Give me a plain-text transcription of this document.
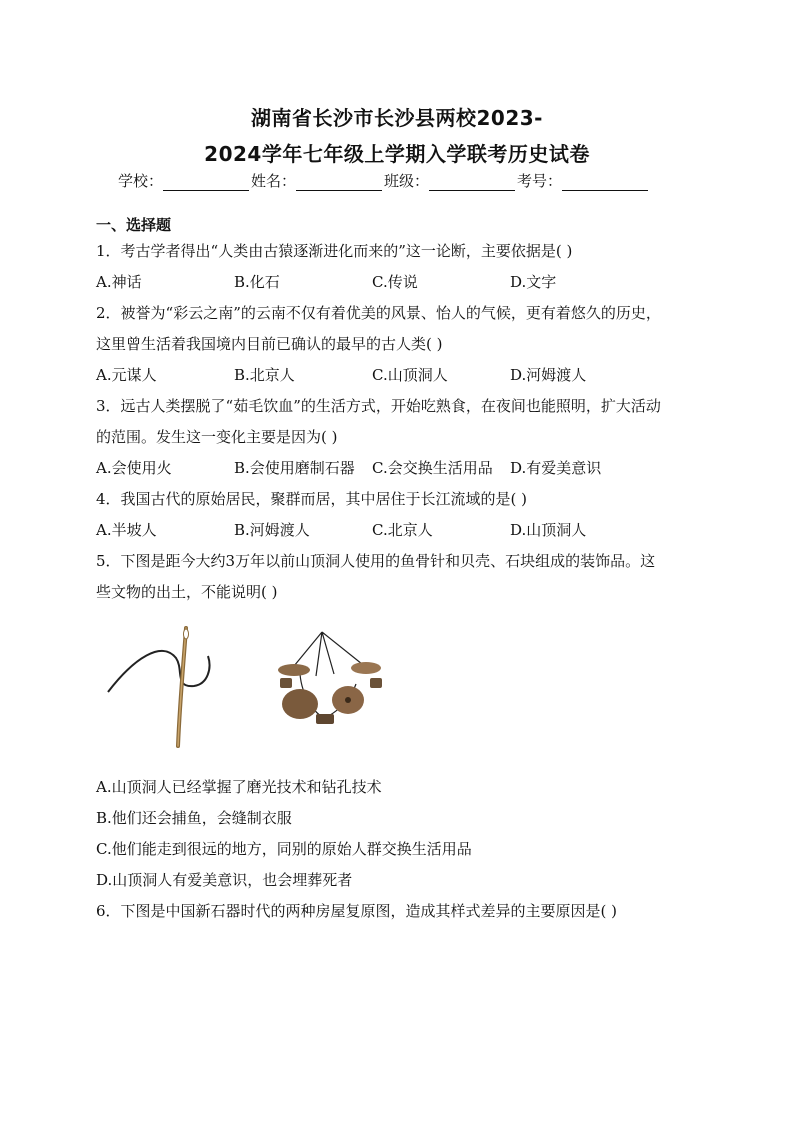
湖南省长沙市长沙县两校2023-
2024学年七年级上学期入学联考历史试卷
学校：	姓名：	班级：	考号：
一、选择题
1．考古学者得出“人类由古猿逐渐进化而来的”这一论断，主要依据是( )
A.神话	B.化石	C.传说	D.文字
2．被誉为“彩云之南”的云南不仅有着优美的风景、怡人的气候，更有着悠久的历史，
这里曾生活着我国境内目前已确认的最早的古人类( )
A.元谋人	B.北京人	C.山顶洞人	D.河姆渡人
3．远古人类摆脱了“茹毛饮血”的生活方式，开始吃熟食，在夜间也能照明，扩大活动
的范围。发生这一变化主要是因为( )
A.会使用火	B.会使用磨制石器 C.会交换生活用品 D.有爱美意识
4．我国古代的原始居民，聚群而居，其中居住于长江流域的是( )
A.半坡人	B.河姆渡人	C.北京人	D.山顶洞人
5．下图是距今大约3万年以前山顶洞人使用的鱼骨针和贝壳、石块组成的装饰品。这
些文物的出土，不能说明( )
A.山顶洞人已经掌握了磨光技术和钻孔技术
B.他们还会捕鱼，会缝制衣服
C.他们能走到很远的地方，同别的原始人群交换生活用品
D.山顶洞人有爱美意识，也会埋葬死者
6．下图是中国新石器时代的两种房屋复原图，造成其样式差异的主要原因是( )
